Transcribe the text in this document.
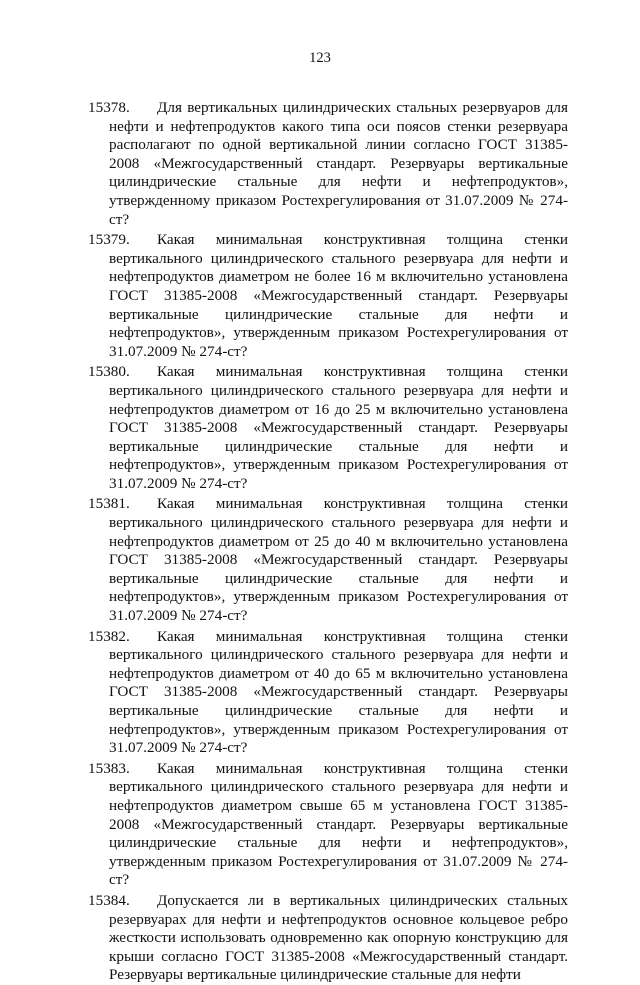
123

15378.	Для вертикальных цилиндрических стальных резервуаров для нефти и нефтепродуктов какого типа оси поясов стенки резервуара располагают по одной вертикальной линии согласно ГОСТ 31385-2008 «Межгосударственный стандарт. Резервуары вертикальные цилиндрические стальные для нефти и нефтепродуктов», утвержденному приказом Ростехрегулирования от 31.07.2009 № 274-ст?

15379.	Какая минимальная конструктивная толщина стенки вертикального цилиндрического стального резервуара для нефти и нефтепродуктов диаметром не более 16 м включительно установлена ГОСТ 31385-2008 «Межгосударственный стандарт. Резервуары вертикальные цилиндрические стальные для нефти и нефтепродуктов», утвержденным приказом Ростехрегулирования от 31.07.2009 № 274-ст?

15380.	Какая минимальная конструктивная толщина стенки вертикального цилиндрического стального резервуара для нефти и нефтепродуктов диаметром от 16 до 25 м включительно установлена ГОСТ 31385-2008 «Межгосударственный стандарт. Резервуары вертикальные цилиндрические стальные для нефти и нефтепродуктов», утвержденным приказом Ростехрегулирования от 31.07.2009 № 274-ст?

15381.	Какая минимальная конструктивная толщина стенки вертикального цилиндрического стального резервуара для нефти и нефтепродуктов диаметром от 25 до 40 м включительно установлена ГОСТ 31385-2008 «Межгосударственный стандарт. Резервуары вертикальные цилиндрические стальные для нефти и нефтепродуктов», утвержденным приказом Ростехрегулирования от 31.07.2009 № 274-ст?

15382.	Какая минимальная конструктивная толщина стенки вертикального цилиндрического стального резервуара для нефти и нефтепродуктов диаметром от 40 до 65 м включительно установлена ГОСТ 31385-2008 «Межгосударственный стандарт. Резервуары вертикальные цилиндрические стальные для нефти и нефтепродуктов», утвержденным приказом Ростехрегулирования от 31.07.2009 № 274-ст?

15383.	Какая минимальная конструктивная толщина стенки вертикального цилиндрического стального резервуара для нефти и нефтепродуктов диаметром свыше 65 м установлена ГОСТ 31385-2008 «Межгосударственный стандарт. Резервуары вертикальные цилиндрические стальные для нефти и нефтепродуктов», утвержденным приказом Ростехрегулирования от 31.07.2009 № 274-ст?

15384.	Допускается ли в вертикальных цилиндрических стальных резервуарах для нефти и нефтепродуктов основное кольцевое ребро жесткости использовать одновременно как опорную конструкцию для крыши согласно ГОСТ 31385-2008 «Межгосударственный стандарт. Резервуары вертикальные цилиндрические стальные для нефти
